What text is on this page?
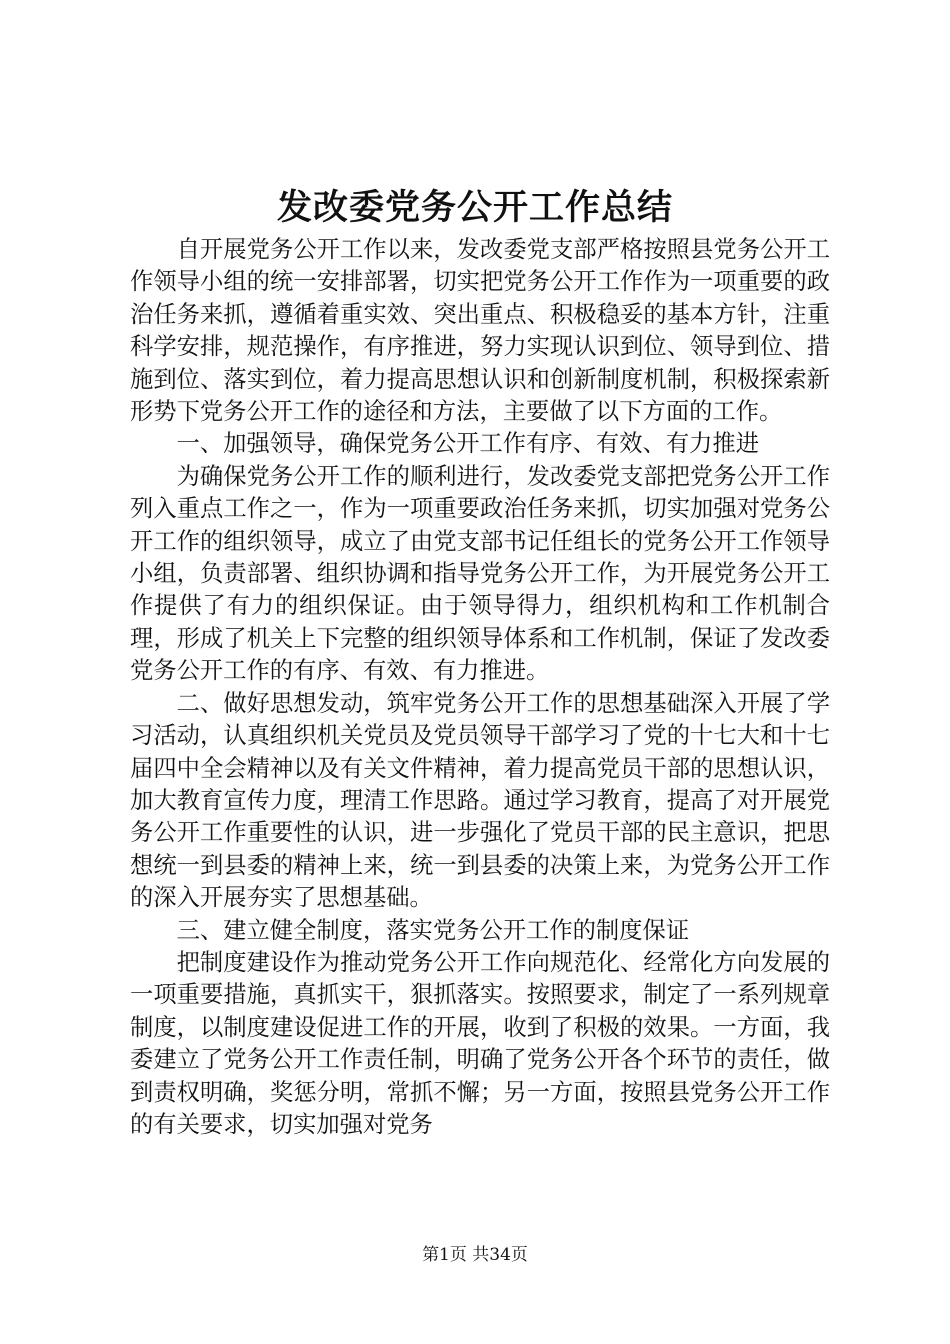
发改委党务公开工作总结

自开展党务公开工作以来，发改委党支部严格按照县党务公开工作领导小组的统一安排部署，切实把党务公开工作作为一项重要的政治任务来抓，遵循着重实效、突出重点、积极稳妥的基本方针，注重科学安排，规范操作，有序推进，努力实现认识到位、领导到位、措施到位、落实到位，着力提高思想认识和创新制度机制，积极探索新形势下党务公开工作的途径和方法，主要做了以下方面的工作。

一、加强领导，确保党务公开工作有序、有效、有力推进

为确保党务公开工作的顺利进行，发改委党支部把党务公开工作列入重点工作之一，作为一项重要政治任务来抓，切实加强对党务公开工作的组织领导，成立了由党支部书记任组长的党务公开工作领导小组，负责部署、组织协调和指导党务公开工作，为开展党务公开工作提供了有力的组织保证。由于领导得力，组织机构和工作机制合理，形成了机关上下完整的组织领导体系和工作机制，保证了发改委党务公开工作的有序、有效、有力推进。

二、做好思想发动，筑牢党务公开工作的思想基础深入开展了学习活动，认真组织机关党员及党员领导干部学习了党的十七大和十七届四中全会精神以及有关文件精神，着力提高党员干部的思想认识，加大教育宣传力度，理清工作思路。通过学习教育，提高了对开展党务公开工作重要性的认识，进一步强化了党员干部的民主意识，把思想统一到县委的精神上来，统一到县委的决策上来，为党务公开工作的深入开展夯实了思想基础。

三、建立健全制度，落实党务公开工作的制度保证

把制度建设作为推动党务公开工作向规范化、经常化方向发展的一项重要措施，真抓实干，狠抓落实。按照要求，制定了一系列规章制度，以制度建设促进工作的开展，收到了积极的效果。一方面，我委建立了党务公开工作责任制，明确了党务公开各个环节的责任，做到责权明确，奖惩分明，常抓不懈；另一方面，按照县党务公开工作的有关要求，切实加强对党务

第1页 共34页
